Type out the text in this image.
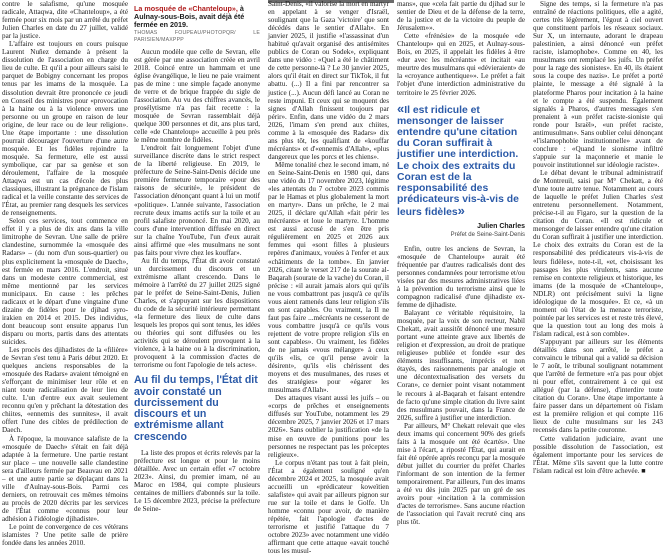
contre le salafisme, qu'une mosquée radicale, Attaqwa, dite «Chanteloup», a été fermée pour six mois par un arrêté du préfet Julien Charles en date du 27 juillet, validé par la justice.

L'affaire est toujours en cours puisque Laurent Nuñez demande à présent la dissolution de l'association en charge du lieu de culte. Et qu'il a pour ailleurs saisi le parquet de Bobigny concernant les propos tenus par les imams de la mosquée. La dissolution devrait être prononcée ce jeudi en Conseil des ministres pour «provocation à la haine ou à la violence envers une personne ou un groupe en raison de leur origine, de leur race ou de leur religion». Une étape importante : une dissolution pourrait décourager l'ouverture d'une autre mosquée. Et les fidèles rejoindre la mosquée. Sa fermeture, elle est aussi symbolique, car par sa genèse et son déroulement, l'affaire de la mosquée Attaqwa est un cas d'école des plus classiques, illustrant la prégnance de l'islam radical et la veille constante des services de l'État, au premier rang desquels les services de renseignements.

Selon ces services, tout commence en effet il y a plus de dix ans dans la ville limitrophe de Sevran. Une salle de prière clandestine, surnommée la «mosquée des Radars» – (du nom d'un sous-quartier) ou plus explicitement la «mosquée de Daech», est fermée en mars 2016. L'endroit, situé dans un modeste centre commercial, est même mentionné par les services municipaux. En cause : les prêches radicaux et le départ d'une vingtaine d'une dizaine de fidèles pour le djihad syro-irakien en 2014 et 2015. Des individus, dont beaucoup sont ensuite apparus l'un disparu ou morts, partis dans des attentats suicides.

Les procès des djihadistes de la «filière» de Sevran s'est tenu à Paris début 2020. Et quelques anciens responsables de la «mosquée des Radars» avaient témoigné en s'efforçant de minimiser leur rôle et en niant toute radicalisation de leur lieu de culte. L'un d'entre eux avait seulement reconnu qu'en y prêchant la détestation des chiites, «ennemis des sunnites», il avait offert l'une des cibles de prédilection de Daech.

À l'époque, la mouvance salafiste de la «mosquée de Daech» s'était en fait déjà adaptée à la fermeture. Une partie restant sur place – une nouvelle salle clandestine sera d'ailleurs fermée par Beauvau en 2021 – et une autre partie se déplaçant dans la ville d'Aulnay-sous-Bois. Parmi ces derniers, on retrouvait ces mêmes témoins au procès de 2020 décrits par les services de l'État comme «connus pour leur adhésion à l'idéologie djihadiste».

Le point de convergence de ces vétérans islamistes ? Une petite salle de prière fondée dans les années 2010.

La mosquée de «Chanteloup», à Aulnay-sous-Bois, avait déjà été fermée en 2019.
THOMAS FOUPEAU/PHOTOPQR/ LE PARISIEN/MAXPPP

Aucun modèle que celle de Sevran, elle est gérée par une association créée en avril 2018. Coincé entre un hammam et une église évangélique, le lieu ne paie vraiment pas de mine : une simple façade anonyme de verre et de brique frappée du sigle de l'association. Au vu des chiffres avancés, le prosélytisme n'a pas fait recette : la mosquée de Sevran rassemblait déjà quelque 300 personnes et dit, ans plus tard, celle «de Chanteloup» accueille à peu près le même nombre de fidèles.

L'endroit fait longuement l'objet d'une surveillance discrète dans le strict respect de la liberté religieuse. En 2019, le préfecture de Seine-Saint-Denis décide une première fermeture temporaire «pour des raisons de sécurité», le président de l'association dénonçant quant à lui un motif «politique». L'année suivante, l'association recrute deux imams actifs sur la toile et au profil salafiste prononcé. En mai 2020, au cours d'une intervention diffusée en direct sur la chaîne YouTube, l'un d'eux aurait ainsi affirmé que «les musulmans ne sont pas faits pour vivre chez les kouffar».

Au fil du temps, l'État dit avoir constaté un durcissement du discours et un extrémisme allant crescendo. Dans le mémoire à l'arrêté du 27 juillet 2025 signé par le préfet de Seine-Saint-Denis, Julien Charles, et s'appuyant sur les dispositions du code de la sécurité intérieure permettant «la fermeture des lieux de culte dans lesquels les propos qui sont tenus, les idées ou théories qui sont diffusées ou les activités qui se déroulent provoquent à la violence, à la haine ou à la discrimination, provoquent à la commission d'actes de terrorisme ou font l'apologie de tels actes».

Au fil du temps, l'État dit avoir constaté un durcissement du discours et un extrémisme allant crescendo

La liste des propos et écrits relevés par la préfecture est longue et pour le moins détaillée. Avec un certain effet «7 octobre 2023». Ainsi, du premier imam, né au Maroc en 1984, qui compte plusieurs centaines de milliers d'abonnés sur la toile. Le 15 décembre 2023, précise la préfecture de Seine-

Saint-Denis, «il valorise la mort en martyr en appelant à se venger d'Israël, soulignant que la Gaza 'victoire' que sont décédés dans le sentier d'Allah». En janvier 2025, il justifie «l'assassinat d'un habitué qu'avait organisé des antisémites publics de Coran ou Sodek», expliquant dans une vidéo : «Quel a été le châtiment de cette personne-là ? Le 30 janvier 2025, alors qu'il était en direct sur TikTok, il fut abattu. (...) Il a fini par rencontrer sa justice (...). Aucun défi lancé au Coran ne reste impuni. Et ceux qui se moquent des signes d'Allah finissent toujours par périr». Enfin, dans une vidéo du 2 mars 2026, l'imam s'en prend aux chiites, comme à la «mosquée des Radars» dix ans plus tôt, les qualifiant de «kouffar mécréants» et d'«ennemis d'Allah», «plus dangereux que les porcs et les chiens».

Même tonalité chez le second imam, né en Seine-Saint-Denis en 1980 qui, dans une vidéo du 17 novembre 2023, légitime «les attentats du 7 octobre 2023 commis par le Hamas et plus globalement la mort en martyr». Dans un prêche, le 2 mai 2025, il déclare qu'Allah «fait périr les mécréants» et loue le martyre. L'homme est aussi accusé de s'en être pris régulièrement en 2025 et 2026 aux femmes qui «sont filles à plusieurs repères d'animaux, vouées à l'enfer et aux «châtiments de la tombe». En janvier 2026, citant le verset 217 de la sourate al-Baqarah (sourate de la vache) du Coran, il précise : «il aurait jamais alors qui qu'ils ne vous combattront pas jusqu'à ce qu'ils vous aient ramenés dans leur religion s'ils en sont capables. Ou vraiment, la Il ne faut pas faire ...mécréants ne cesseront de vous combattre jusqu'à ce qu'ils vous rejettent de votre propre religion s'ils en sont capables». Ou vraiment, les fidèles de ne jamais «vous mélanger» à ceux qu'ils «lis, ce qu'il pense avoir la désirent», qu'ils «lis chérissent des moyens et des musulmanes, des ruses et des stratégies» pour «égarer les musulmans d'Allah».

Des attaques visant aussi les juifs – ou «corps de prêches et enseignements diffusés sur YouTube, notamment les 29 décembre 2025, 7 janvier 2026 et 17 mars 2026». Sans oublier la justification «de la mise en œuvre de punitions pour les personnes ne respectant pas les préceptes religieux».

Le corpus n'étant pas tout à fait plein, l'État a également souligné qu'en décembre 2024 et 2025, la mosquée avait accueilli un «prédicateur koweïtien salafiste» qui avait par ailleurs pignon sur rue sur la toile et dans le Golfe. Un homme «connu pour avoir, de manière répétée, fait l'apologie d'actes de terrorisme et justifié l'attaque du 7 octobre 2023» avec notamment une vidéo affirmant que cette attaque «avait touché tous les musul-

mans», que «cela fait partie du djihad sur le sentier de Dieu et de la défense de la terre, de la justice et de la victoire du peuple de Jérusalem»».

Cette «frénésie» de la mosquée «de Chanteloup» qui en 2025, et Aulnay-sous-Bois, en 2025, il appelait les fidèles à être «dur avec les mécréants» et incitait «au meurtre des musulmans qui «dévieraient» de la «croyance authentique»». Le préfet a fait l'objet d'une interdiction administrative du territoire le 25 février 2026.

«Il est ridicule et mensonger de laisser entendre qu'une citation du Coran suffirait à justifier une interdiction. Le choix des extraits du Coran est de la responsabilité des prédicateurs vis-à-vis de leurs fidèles»
Julien Charles
Préfet de Seine-Saint-Denis

Enfin, outre les anciens de Sevran, la «mosquée de Chanteloup» aurait été fréquentée par d'autres radicalisés dont des personnes condamnées pour terrorisme et/ou visées par des mesures administratives liées à la prévention du terrorisme ainsi que le compagnon radicalisé d'une djihadiste ex-femme de djihadiste.

Balayant ce véritable réquisitoire, la mosquée, par la voix de son recteur, Nabil Chekatt, avait aussitôt dénoncé une mesure portant «une atteinte grave aux libertés de religion et d'expression, au droit de pratique religieuse» publiée et fondée «sur des éléments insuffisants, imprécis et non étayés, des raisonnements par analogie et une décontextualisation des versets du Coran», ce dernier point visant notamment le recours à al-Baqarah et faisant entendre de facto qu'une simple citation du livre saint des musulmans pouvait, dans la France de 2026, suffire à justifier une interdiction.

Par ailleurs, M° Chekatt relevait que «les deux imams qui concernent 90% des griefs faits à la mosquée ont été écartés». Une mise à l'écart, a riposté l'État, qui aurait en fait été opérée après reconçu par la mosquée début juillet du courrier du préfet Charles l'informant de son intention de la fermer temporairement. Par ailleurs, l'un des imams a été vu dès juin 2025 par un gré de ses avoirs pour «incitation à la commission d'actes de terrorisme». Sans aucune réaction de l'association qui l'avait recruté cinq ans plus tôt.

Signe des temps, si la fermeture n'a pas entraîné de réactions politiques, elle a agité, certes très légèrement, l'égout à ciel ouvert que constituent parfois les réseaux sociaux. Sur X, un internaute, adorant le drapeau palestinien, a ainsi dénoncé «un préfet raciste, islamophobe». Comme en 40, les musulmans ont remplacé les juifs. Un préfet pour la rage des sionistes». En 40, ils étaient sous la coupe des nazis». Le préfet a porté plainte, le message a été signalé à la plateforme Pharos pour incitation à la haine et le compte a été suspendu. Également signalés à Pharos, d'autres messages s'en prenaient à «un préfet raciste-sioniste qui ronde pour Israël», «un préfet raciste, antimusulman». Sans oublier celui dénonçant «l'islamophobie institutionnelle» avant de conclure : «Quand le sionisme infiltré s'appuie sur la maçonnerie et manie le pouvoir institutionnel sur idéologie raciste».

Le débat devant le tribunal administratif de Montreuil, saisi par M° Chekatt, a été d'une toute autre tenue. Notamment au cours de laquelle le préfet Julien Charles s'est entretenu personnellement. Notamment, précise-t-il au Figaro, sur la question de la citation du Coran. «Il est ridicule et mensonger de laisser entendre qu'une citation du Coran suffirait à justifier une interdiction. Le choix des extraits du Coran est de la responsabilité des prédicateurs vis-à-vis de leurs fidèles», note-t-il, «et, choisissant les passages les plus virulents, sans aucune remise en contexte religieux et historique, les imams (de la mosquée de «Chanteloup», NDLR) ont précisément suivi la ligne idéologique de la mosquée». Et ce, «à un moment où l'état de la menace terroriste, pointée par les services est et reste très élevé, que la question tout au long des mois à l'islam radical, est à son comble».

S'appuyant par ailleurs sur les éléments détaillés dans son arrêté, le préfet a convaincu le tribunal qui a validé sa décision le 7 août, le tribunal soulignant notamment que l'arrêté de fermeture «n'a pas pour objet ni pour effet, contrairement à ce qui est allégué (par la défense), d'interdire toute citation du Coran». Une étape importante à faire passer dans un département où l'islam est la première religion et qui compte 116 lieux de culte musulmans sur les 243 recensés dans la petite couronne.

Cette validation judiciaire, avant une possible dissolution de l'association, est également importante pour les services de l'État. Même s'ils savent que la lutte contre l'islam radical est loin d'être achevée. ■
